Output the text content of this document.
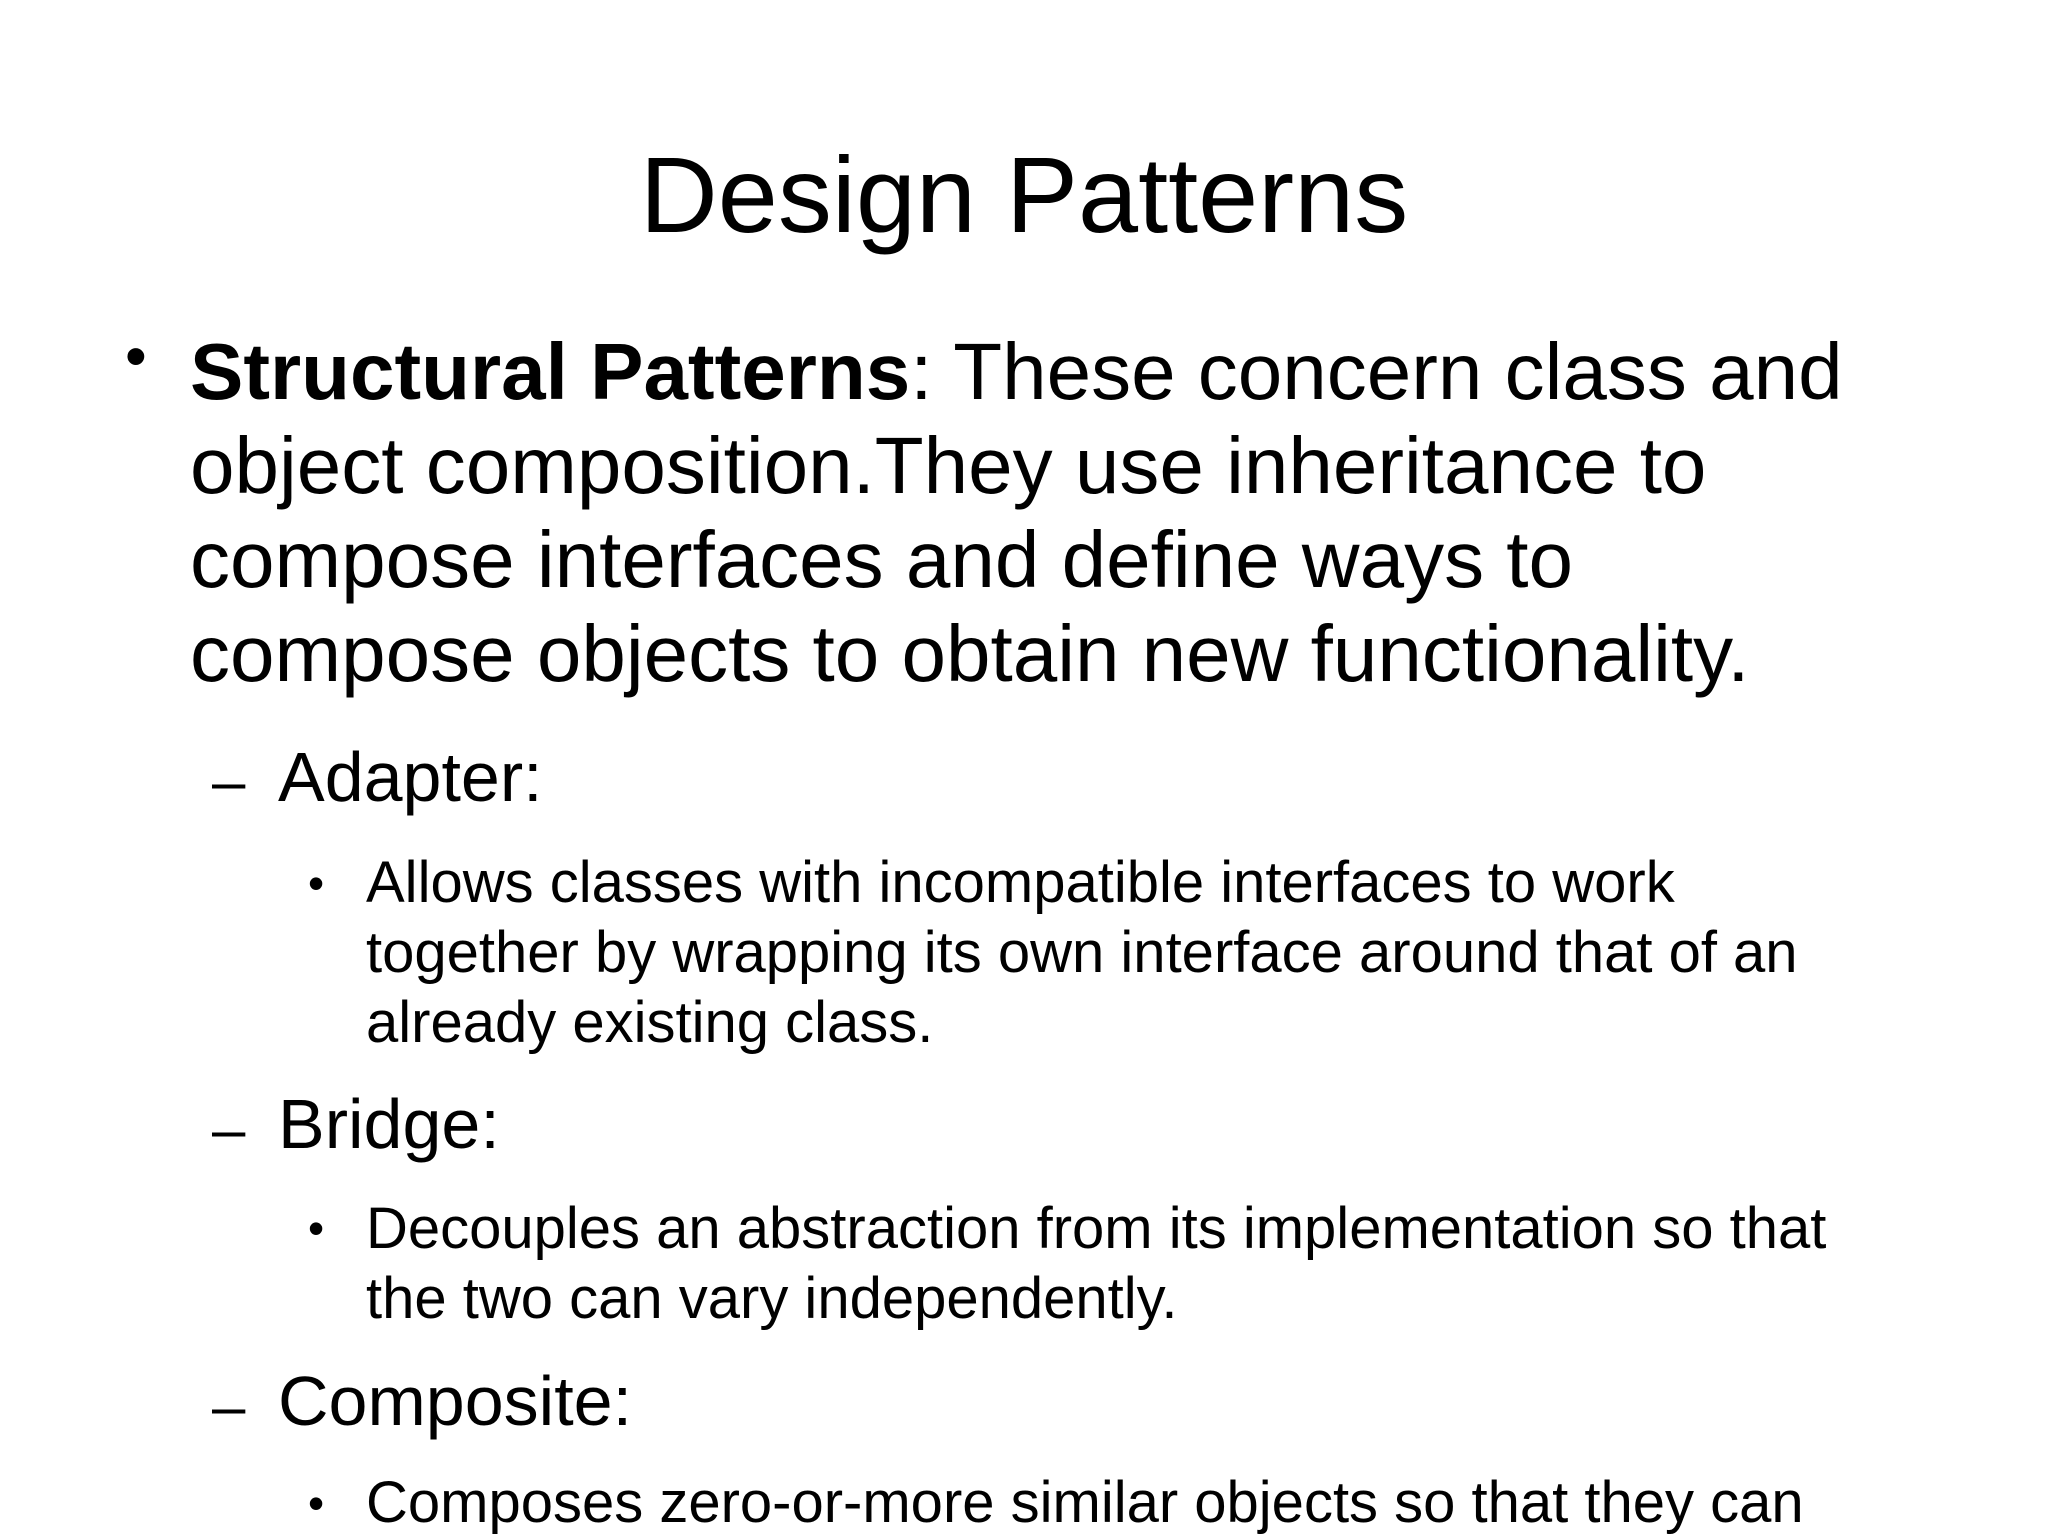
Design Patterns
• Structural Patterns: These concern class and
object composition.They use inheritance to
compose interfaces and define ways to
compose objects to obtain new functionality.

– Adapter:
• Allows classes with incompatible interfaces to work
together by wrapping its own interface around that of an
already existing class.

– Bridge:
• Decouples an abstraction from its implementation so that
the two can vary independently.

– Composite:
• Composes zero-or-more similar objects so that they can
